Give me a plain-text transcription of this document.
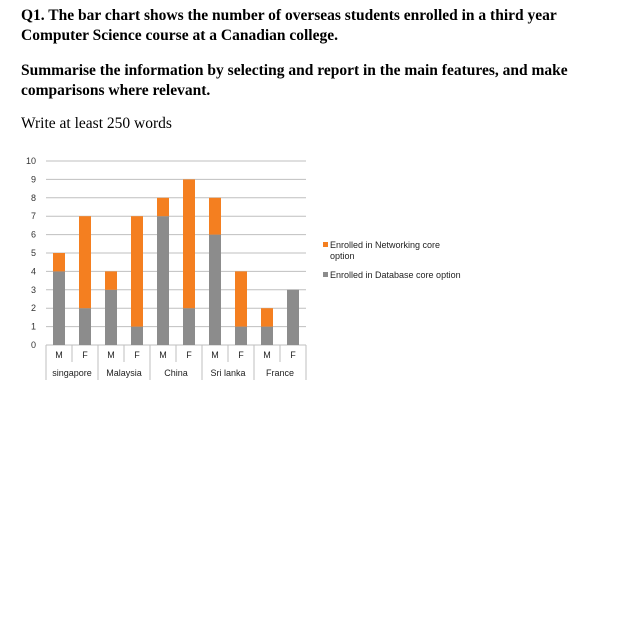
Q1. The bar chart shows the number of overseas students enrolled in a third year Computer Science course at a Canadian college.

Summarise the information by selecting and report in the main features, and make comparisons where relevant.

Write at least 250 words

0
1
2
3
4
5
6
7
8
9
10
M F M F M F M F M F
singapore Malaysia China	Sri lanka France
Enrolled in Networking core
option
Enrolled in Database core option
